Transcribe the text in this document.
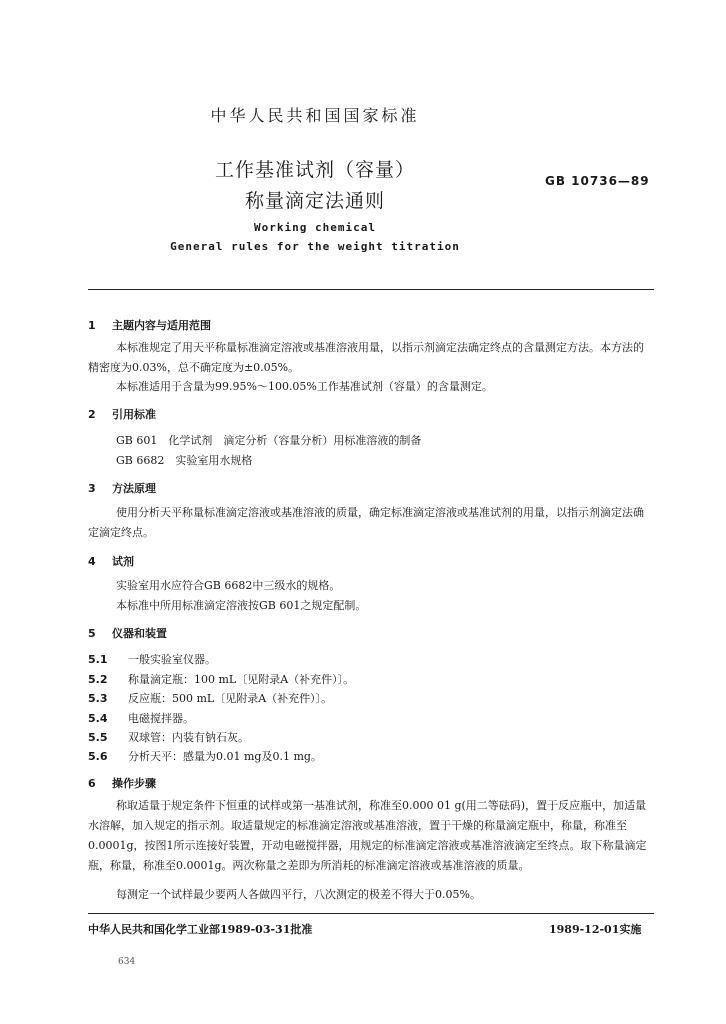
中华人民共和国国家标准
工作基准试剂（容量）
称量滴定法通则
GB 10736—89
Working chemical
General rules for the weight titration
1 主题内容与适用范围
本标准规定了用天平称量标准滴定溶液或基准溶液用量，以指示剂滴定法确定终点的含量测定方法。本方法的精密度为0.03%，总不确定度为±0.05%。
本标准适用于含量为99.95%～100.05%工作基准试剂（容量）的含量测定。
2 引用标准
GB 601　化学试剂　滴定分析（容量分析）用标准溶液的制备
GB 6682　实验室用水规格
3 方法原理
使用分析天平称量标准滴定溶液或基准溶液的质量，确定标准滴定溶液或基准试剂的用量，以指示剂滴定法确定滴定终点。
4 试剂
实验室用水应符合GB 6682中三级水的规格。
本标准中所用标准滴定溶液按GB 601之规定配制。
5 仪器和装置
5.1 一般实验室仪器。
5.2 称量滴定瓶：100 mL〔见附录A（补充件）〕。
5.3 反应瓶：500 mL〔见附录A（补充件）〕。
5.4 电磁搅拌器。
5.5 双球管：内装有钠石灰。
5.6 分析天平：感量为0.01 mg及0.1 mg。
6 操作步骤
称取适量于规定条件下恒重的试样或第一基准试剂，称准至0.000 01 g(用二等砝码)，置于反应瓶中，加适量水溶解，加入规定的指示剂。取适量规定的标准滴定溶液或基准溶液，置于干燥的称量滴定瓶中，称量，称准至0.0001g，按图1所示连接好装置，开动电磁搅拌器，用规定的标准滴定溶液或基准溶液滴定至终点。取下称量滴定瓶，称量，称准至0.0001g。两次称量之差即为所消耗的标准滴定溶液或基准溶液的质量。
每测定一个试样最少要两人各做四平行，八次测定的极差不得大于0.05%。
中华人民共和国化学工业部1989-03-31批准	1989-12-01实施
634
